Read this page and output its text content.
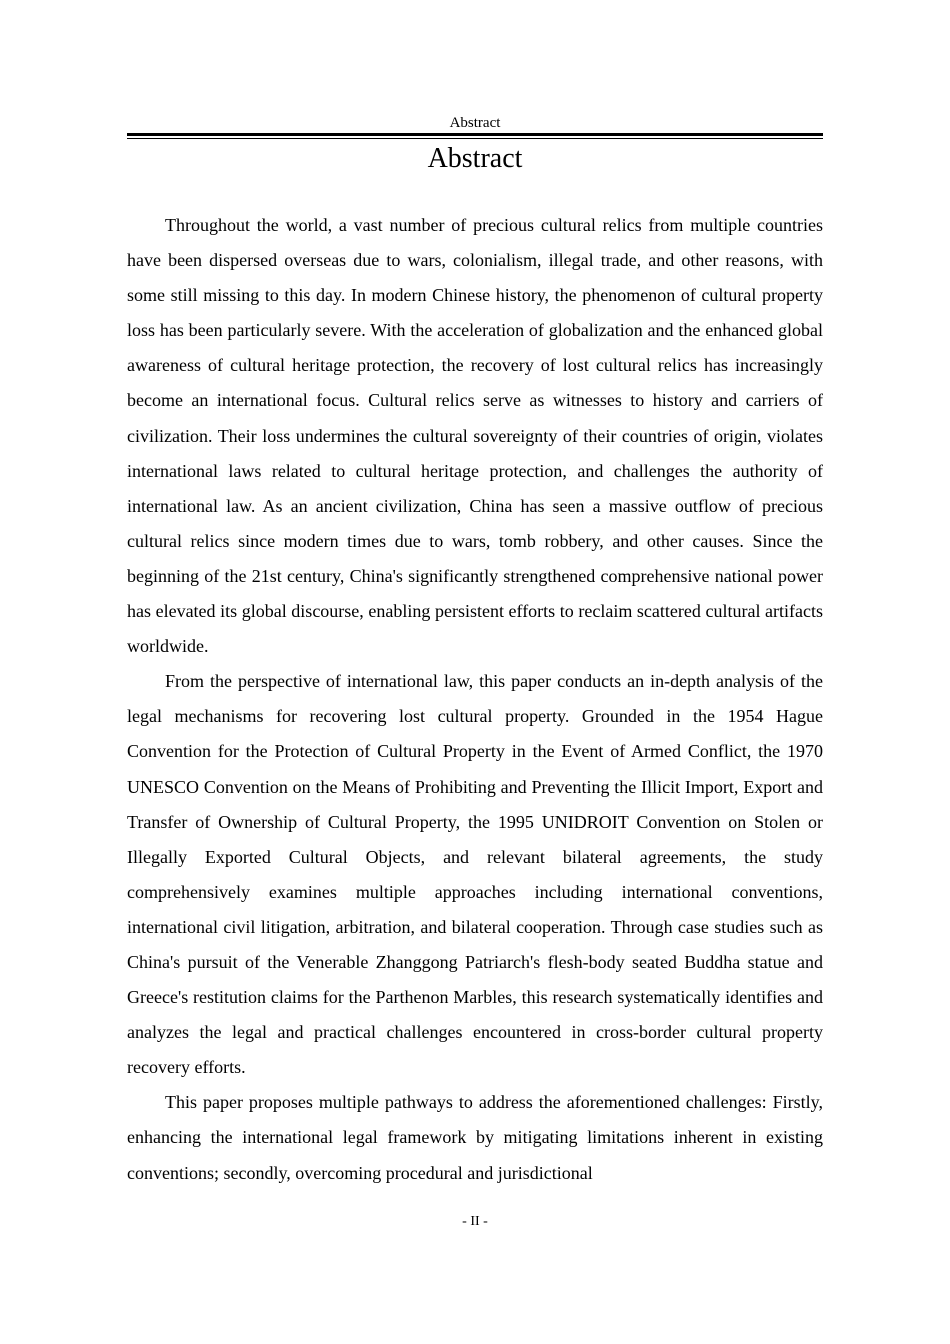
Abstract
Abstract

Throughout the world, a vast number of precious cultural relics from multiple countries have been dispersed overseas due to wars, colonialism, illegal trade, and other reasons, with some still missing to this day. In modern Chinese history, the phenomenon of cultural property loss has been particularly severe. With the acceleration of globalization and the enhanced global awareness of cultural heritage protection, the recovery of lost cultural relics has increasingly become an international focus. Cultural relics serve as witnesses to history and carriers of civilization. Their loss undermines the cultural sovereignty of their countries of origin, violates international laws related to cultural heritage protection, and challenges the authority of international law. As an ancient civilization, China has seen a massive outflow of precious cultural relics since modern times due to wars, tomb robbery, and other causes. Since the beginning of the 21st century, China's significantly strengthened comprehensive national power has elevated its global discourse, enabling persistent efforts to reclaim scattered cultural artifacts worldwide.

From the perspective of international law, this paper conducts an in-depth analysis of the legal mechanisms for recovering lost cultural property. Grounded in the 1954 Hague Convention for the Protection of Cultural Property in the Event of Armed Conflict, the 1970 UNESCO Convention on the Means of Prohibiting and Preventing the Illicit Import, Export and Transfer of Ownership of Cultural Property, the 1995 UNIDROIT Convention on Stolen or Illegally Exported Cultural Objects, and relevant bilateral agreements, the study comprehensively examines multiple approaches including international conventions, international civil litigation, arbitration, and bilateral cooperation. Through case studies such as China's pursuit of the Venerable Zhanggong Patriarch's flesh-body seated Buddha statue and Greece's restitution claims for the Parthenon Marbles, this research systematically identifies and analyzes the legal and practical challenges encountered in cross-border cultural property recovery efforts.

This paper proposes multiple pathways to address the aforementioned challenges: Firstly, enhancing the international legal framework by mitigating limitations inherent in existing conventions; secondly, overcoming procedural and jurisdictional

- II -
